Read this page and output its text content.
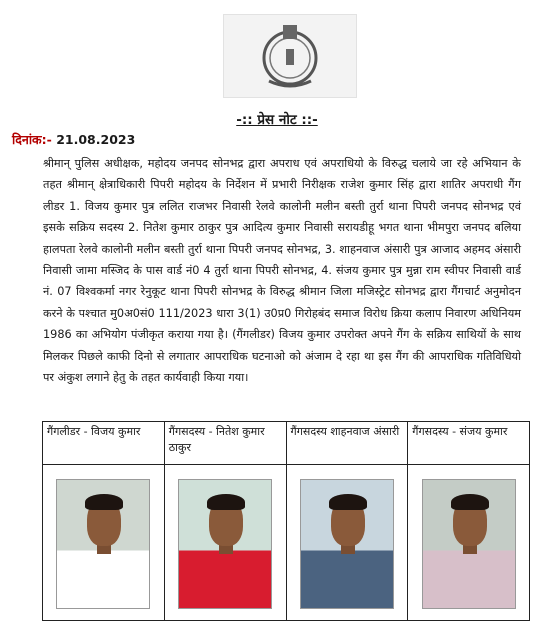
-:: प्रेस नोट ::-
दिनांक:- 21.08.2023

श्रीमान् पुलिस अधीक्षक, महोदय जनपद सोनभद्र द्वारा अपराध एवं अपराधियो के विरुद्ध चलाये जा रहे अभियान के तहत श्रीमान् क्षेत्राधिकारी पिपरी महोदय के निर्देशन में प्रभारी निरीक्षक राजेश कुमार सिंह द्वारा शातिर अपराधी गैंग लीडर 1. विजय कुमार पुत्र ललित राजभर निवासी रेलवे कालोनी मलीन बस्ती तुर्रा थाना पिपरी जनपद सोनभद्र एवं इसके सक्रिय सदस्य 2. नितेश कुमार ठाकुर पुत्र आदित्य कुमार निवासी सरायडीहू भगत थाना भीमपुरा जनपद बलिया हालपता रेलवे कालोनी मलीन बस्ती तुर्रा थाना पिपरी जनपद सोनभद्र, 3. शाहनवाज अंसारी पुत्र आजाद अहमद अंसारी निवासी जामा मस्जिद के पास वार्ड नं0 4 तुर्रा थाना पिपरी सोनभद्र, 4. संजय कुमार पुत्र मुन्ना राम स्वीपर निवासी वार्ड नं. 07 विश्वकर्मा नगर रेनुकूट थाना पिपरी सोनभद्र के विरुद्ध श्रीमान जिला मजिस्ट्रेट सोनभद्र द्वारा गैंगचार्ट अनुमोदन करने के पश्चात मु0अ0सं0 111/2023 धारा 3(1) उ0प्र0 गिरोहबंद समाज विरोध क्रिया कलाप निवारण अधिनियम 1986 का अभियोग पंजीकृत कराया गया है। (गैंगलीडर) विजय कुमार उपरोक्त अपने गैंग के सक्रिय साथियों के साथ मिलकर पिछले काफी दिनो से लगातार आपराधिक घटनाओ को अंजाम दे रहा था इस गैंग की आपराधिक गतिविधियो पर अंकुश लगाने हेतु के तहत कार्यवाही किया गया।

गैंगलीडर - विजय कुमार	गैंगसदस्य - नितेश कुमार ठाकुर	गैंगसदस्य शाहनवाज अंसारी	गैंगसदस्य - संजय कुमार
